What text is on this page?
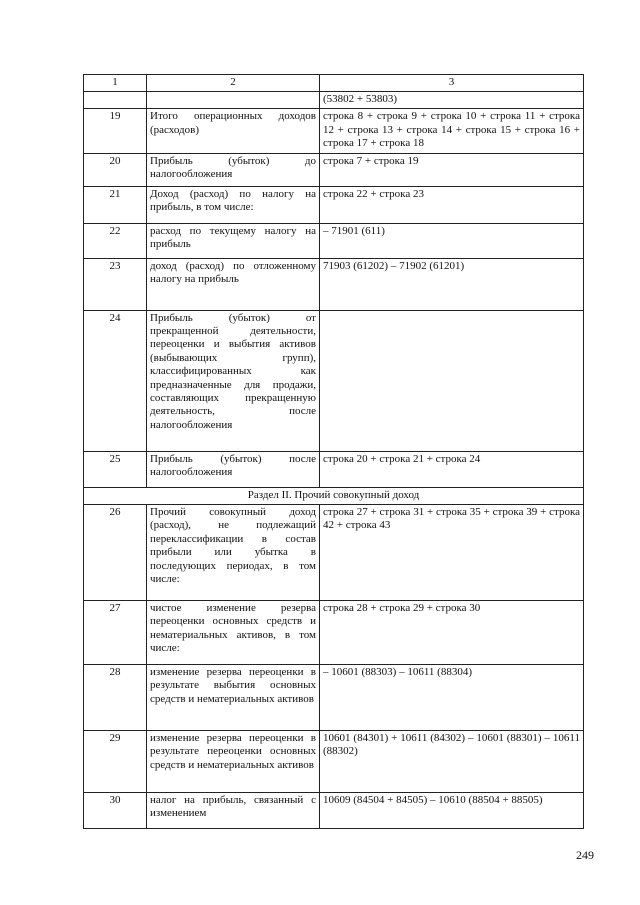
1	2	3
		(53802 + 53803)
19	Итого операционных доходов (расходов)	строка 8 + строка 9 + строка 10 + строка 11 + строка 12 + строка 13 + строка 14 + строка 15 + строка 16 + строка 17 + строка 18
20	Прибыль (убыток) до налогообложения	строка 7 + строка 19
21	Доход (расход) по налогу на прибыль, в том числе:	строка 22 + строка 23
22	расход по текущему налогу на прибыль	– 71901 (611)
23	доход (расход) по отложенному налогу на прибыль	71903 (61202) – 71902 (61201)
24	Прибыль (убыток) от прекращенной деятельности, переоценки и выбытия активов (выбывающих групп), классифицированных как предназначенные для продажи, составляющих прекращенную деятельность, после налогообложения	
25	Прибыль (убыток) после налогообложения	строка 20 + строка 21 + строка 24
Раздел II. Прочий совокупный доход		
26	Прочий совокупный доход (расход), не подлежащий переклассификации в состав прибыли или убытка в последующих периодах, в том числе:	строка 27 + строка 31 + строка 35 + строка 39 + строка 42 + строка 43
27	чистое изменение резерва переоценки основных средств и нематериальных активов, в том числе:	строка 28 + строка 29 + строка 30
28	изменение резерва переоценки в результате выбытия основных средств и нематериальных активов	– 10601 (88303) – 10611 (88304)
29	изменение резерва переоценки в результате переоценки основных средств и нематериальных активов	10601 (84301) + 10611 (84302) – 10601 (88301) – 10611 (88302)
30	налог на прибыль, связанный с изменением	10609 (84504 + 84505) – 10610 (88504 + 88505)
249
